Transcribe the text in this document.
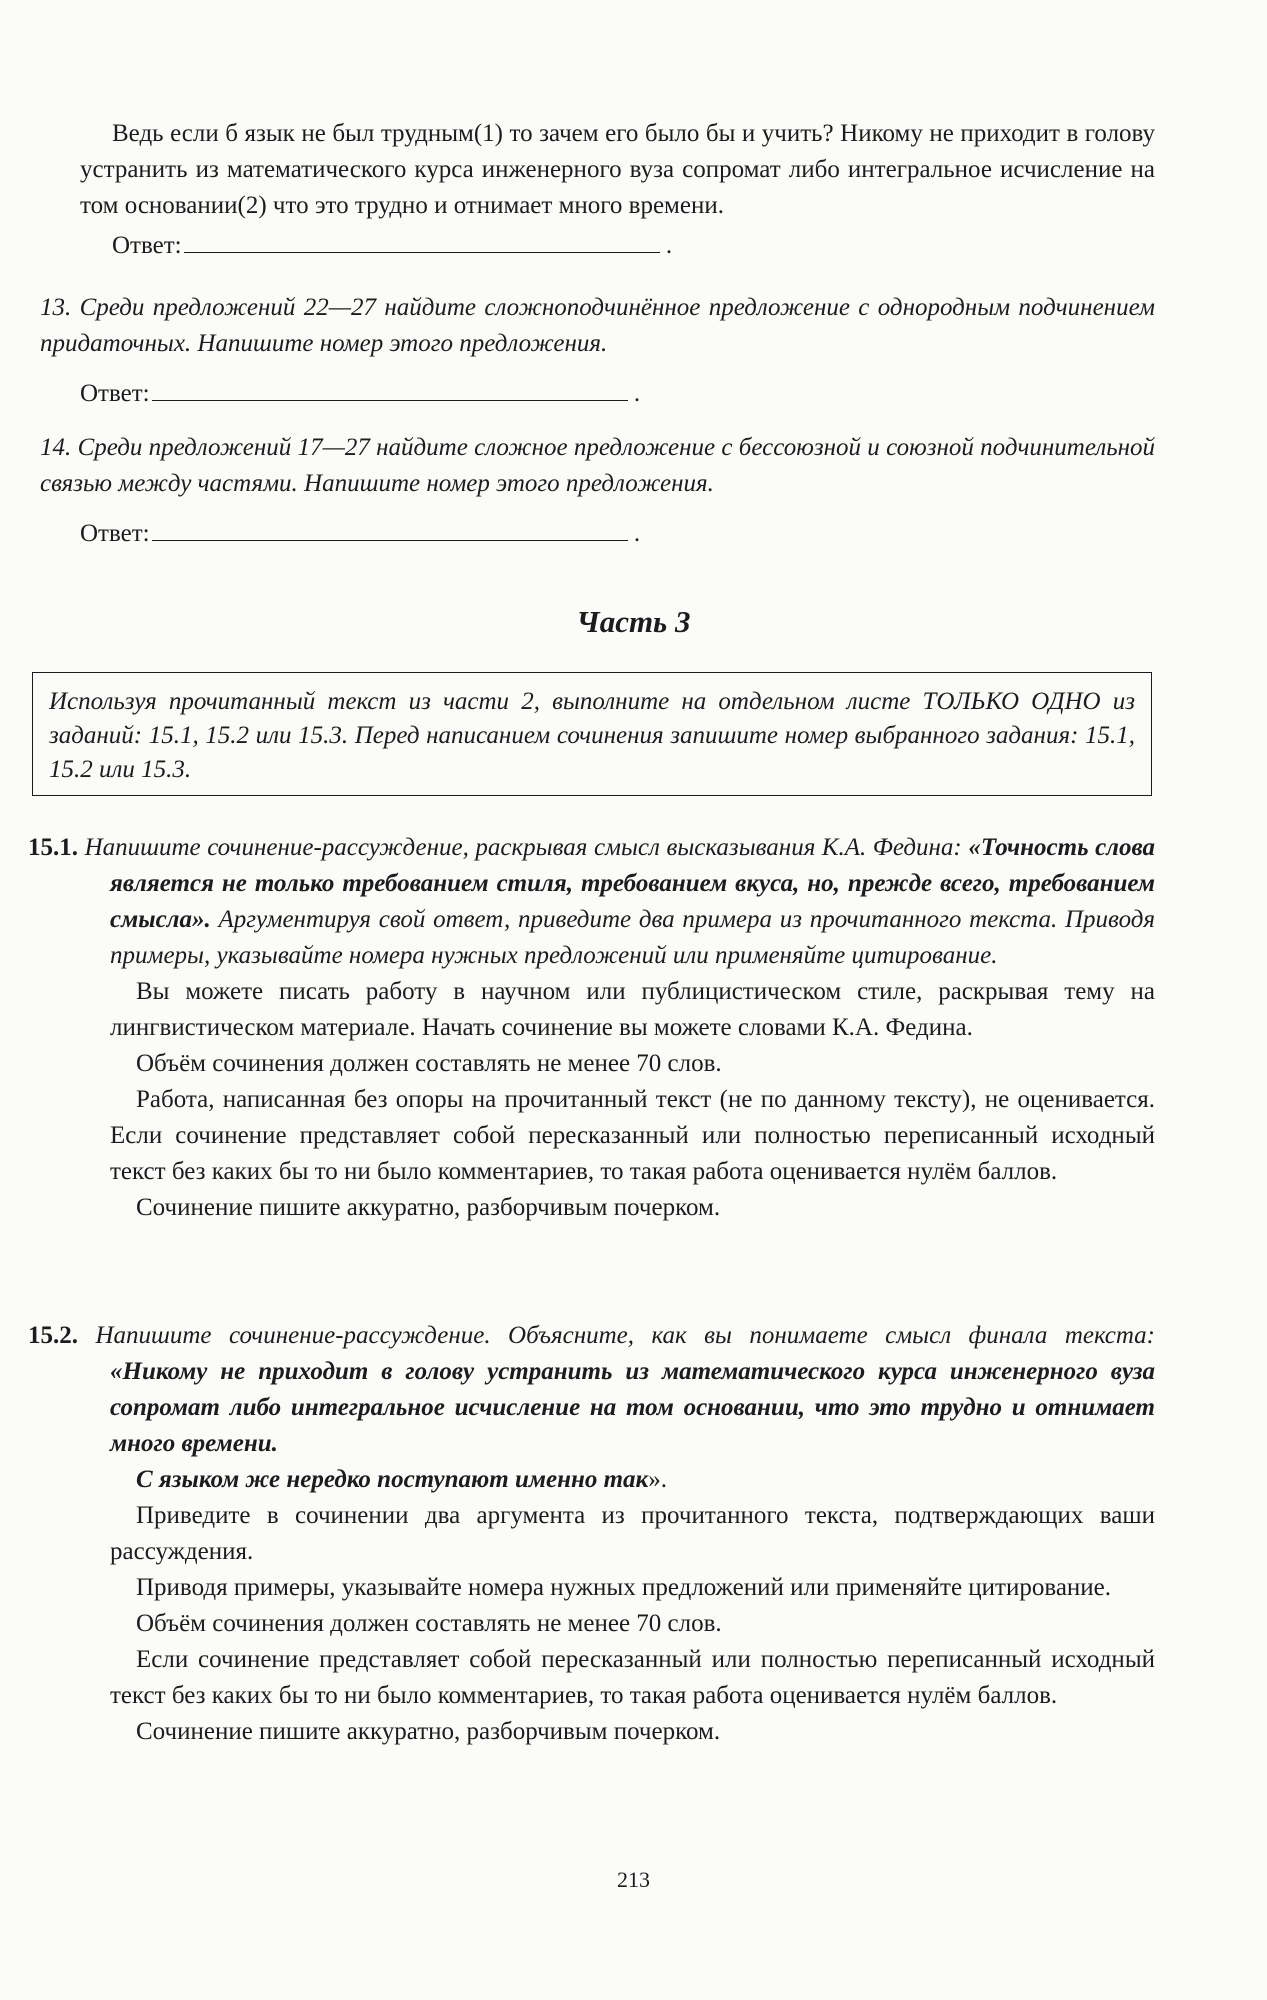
Ведь если б язык не был трудным(1) то зачем его было бы и учить? Никому не приходит в голову устранить из математического курса инженерного вуза сопромат либо интегральное исчисление на том основании(2) что это трудно и отнимает много времени.

Ответ:	.

13. Среди предложений 22—27 найдите сложноподчинённое предложение с однородным подчинением придаточных. Напишите номер этого предложения.

Ответ:	.

14. Среди предложений 17—27 найдите сложное предложение с бессоюзной и союзной подчинительной связью между частями. Напишите номер этого предложения.

Ответ:	.

Часть 3
Используя прочитанный текст из части 2, выполните на отдельном листе ТОЛЬКО ОДНО из заданий: 15.1, 15.2 или 15.3. Перед написанием сочинения запишите номер выбранного задания: 15.1, 15.2 или 15.3.

15.1. Напишите сочинение-рассуждение, раскрывая смысл высказывания К.А. Федина: «Точность слова является не только требованием стиля, требованием вкуса, но, прежде всего, требованием смысла». Аргументируя свой ответ, приведите два примера из прочитанного текста. Приводя примеры, указывайте номера нужных предложений или применяйте цитирование.

Вы можете писать работу в научном или публицистическом стиле, раскрывая тему на лингвистическом материале. Начать сочинение вы можете словами К.А. Федина.

Объём сочинения должен составлять не менее 70 слов.

Работа, написанная без опоры на прочитанный текст (не по данному тексту), не оценивается. Если сочинение представляет собой пересказанный или полностью переписанный исходный текст без каких бы то ни было комментариев, то такая работа оценивается нулём баллов.

Сочинение пишите аккуратно, разборчивым почерком.

15.2. Напишите сочинение-рассуждение. Объясните, как вы понимаете смысл финала текста: «Никому не приходит в голову устранить из математического курса инженерного вуза сопромат либо интегральное исчисление на том основании, что это трудно и отнимает много времени.

С языком же нередко поступают именно так».

Приведите в сочинении два аргумента из прочитанного текста, подтверждающих ваши рассуждения.

Приводя примеры, указывайте номера нужных предложений или применяйте цитирование.

Объём сочинения должен составлять не менее 70 слов.

Если сочинение представляет собой пересказанный или полностью переписанный исходный текст без каких бы то ни было комментариев, то такая работа оценивается нулём баллов.

Сочинение пишите аккуратно, разборчивым почерком.

213
